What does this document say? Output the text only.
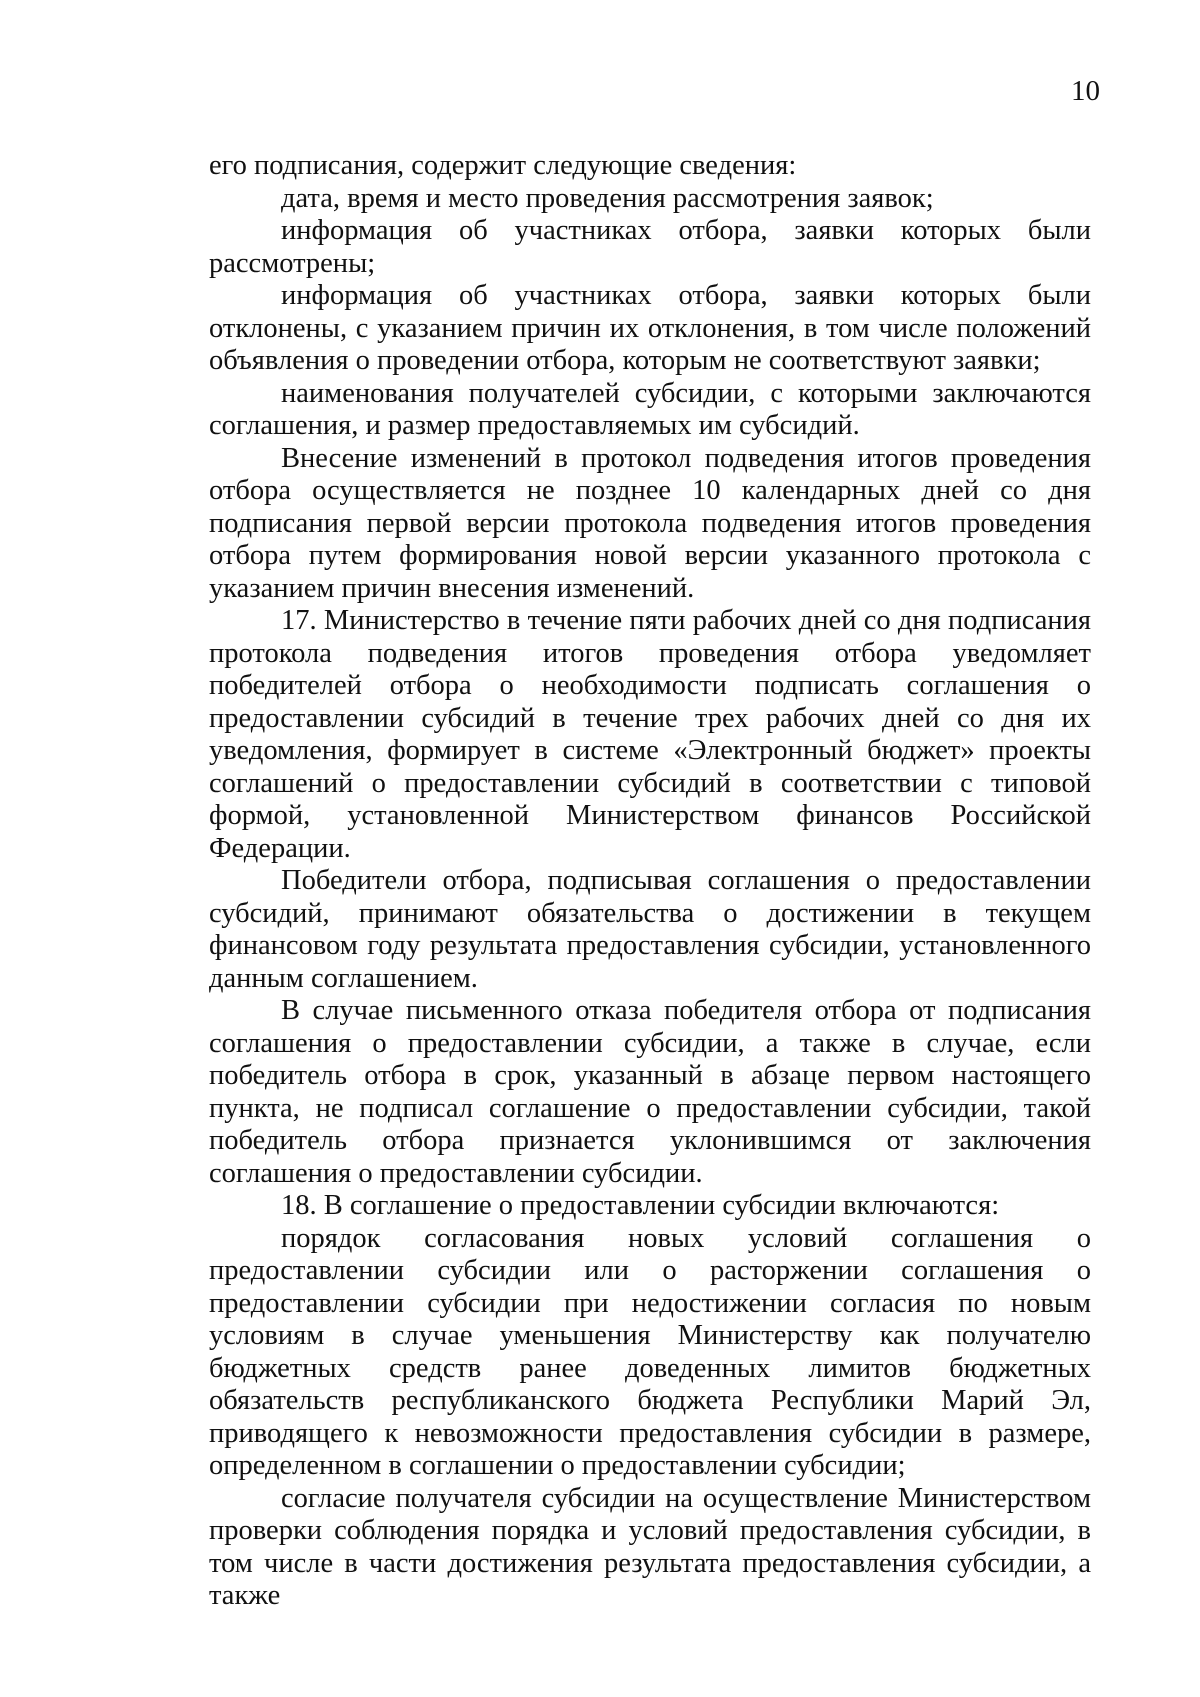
10

его подписания, содержит следующие сведения:

дата, время и место проведения рассмотрения заявок;

информация об участниках отбора, заявки которых были рассмотрены;

информация об участниках отбора, заявки которых были отклонены, с указанием причин их отклонения, в том числе положений объявления о проведении отбора, которым не соответствуют заявки;

наименования получателей субсидии, с которыми заключаются соглашения, и размер предоставляемых им субсидий.

Внесение изменений в протокол подведения итогов проведения отбора осуществляется не позднее 10 календарных дней со дня подписания первой версии протокола подведения итогов проведения отбора путем формирования новой версии указанного протокола с указанием причин внесения изменений.

17. Министерство в течение пяти рабочих дней со дня подписания протокола подведения итогов проведения отбора уведомляет победителей отбора о необходимости подписать соглашения о предоставлении субсидий в течение трех рабочих дней со дня их уведомления, формирует в системе «Электронный бюджет» проекты соглашений о предоставлении субсидий в соответствии с типовой формой, установленной Министерством финансов Российской Федерации.

Победители отбора, подписывая соглашения о предоставлении субсидий, принимают обязательства о достижении в текущем финансовом году результата предоставления субсидии, установленного данным соглашением.

В случае письменного отказа победителя отбора от подписания соглашения о предоставлении субсидии, а также в случае, если победитель отбора в срок, указанный в абзаце первом настоящего пункта, не подписал соглашение о предоставлении субсидии, такой победитель отбора признается уклонившимся от заключения соглашения о предоставлении субсидии.

18. В соглашение о предоставлении субсидии включаются:

порядок согласования новых условий соглашения о предоставлении субсидии или о расторжении соглашения о предоставлении субсидии при недостижении согласия по новым условиям в случае уменьшения Министерству как получателю бюджетных средств ранее доведенных лимитов бюджетных обязательств республиканского бюджета Республики Марий Эл, приводящего к невозможности предоставления субсидии в размере, определенном в соглашении о предоставлении субсидии;

согласие получателя субсидии на осуществление Министерством проверки соблюдения порядка и условий предоставления субсидии, в том числе в части достижения результата предоставления субсидии, а также
